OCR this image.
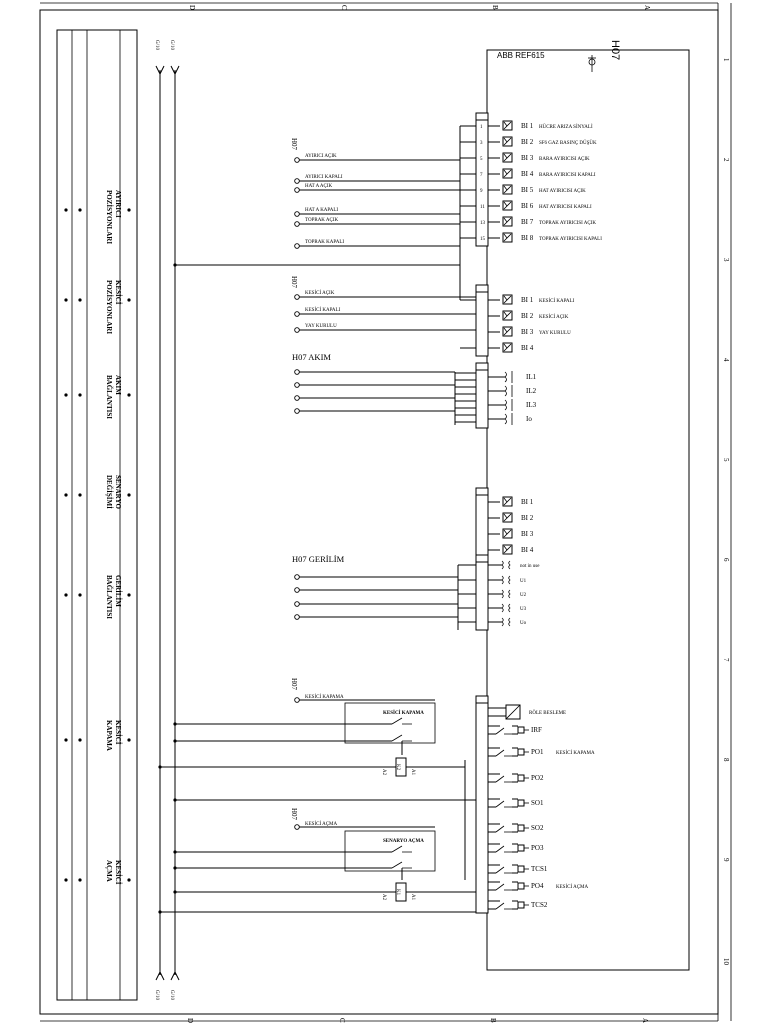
D	C	B	A
D	C	B	A
1
2
3
4
5
6
7
8
9
10
AYIRICI
POZİSYONLARI
KESİCİ
POZİSYONLARI
AKIM
BAĞLANTISI
SENARYO
DEĞİŞİMİ
GERİLİM
BAĞLANTISI
KESİCİ
KAPAMA
KESİCİ
AÇMA
G/10 G/10
G/10 G/10
ABB REF615	H07
H07
AYIRICI AÇIK
AYIRICI KAPALI
HAT A AÇIK
HAT A KAPALI
TOPRAK AÇIK
TOPRAK KAPALI
1	BI 1 HÜCRE ARIZA SİNYALİ
3	BI 2 SF6 GAZ BASINÇ DÜŞÜK
5	BI 3 BARA AYIRICISI AÇIK
7	BI 4 BARA AYIRICISI KAPALI
9	BI 5 HAT AYIRICISI AÇIK
11	BI 6 HAT AYIRICISI KAPALI
13	BI 7 TOPRAK AYIRICISI AÇIK
15	BI 8 TOPRAK AYIRICISI KAPALI
H07
KESİCİ AÇIK
KESİCİ KAPALI
YAY KURULU
BI 1 KESİCİ KAPALI
BI 2 KESİCİ AÇIK
BI 3 YAY KURULU
BI 4
H07 AKIM
IL1
IL2
IL3
Io
BI 1
BI 2
BI 3
BI 4
H07 GERİLİM
not in use
U1
U2
U3
Uo
H07
KESİCİ KAPAMA
KESİCİ KAPAMA
K2
A1
A2
H07
KESİCİ AÇMA
SENARYO AÇMA
K1
A1
A2
RÖLE BESLEME
IRF
PO1	KESİCİ KAPAMA
PO2
SO1
SO2
PO3
TCS1
PO4	KESİCİ AÇMA
TCS2
